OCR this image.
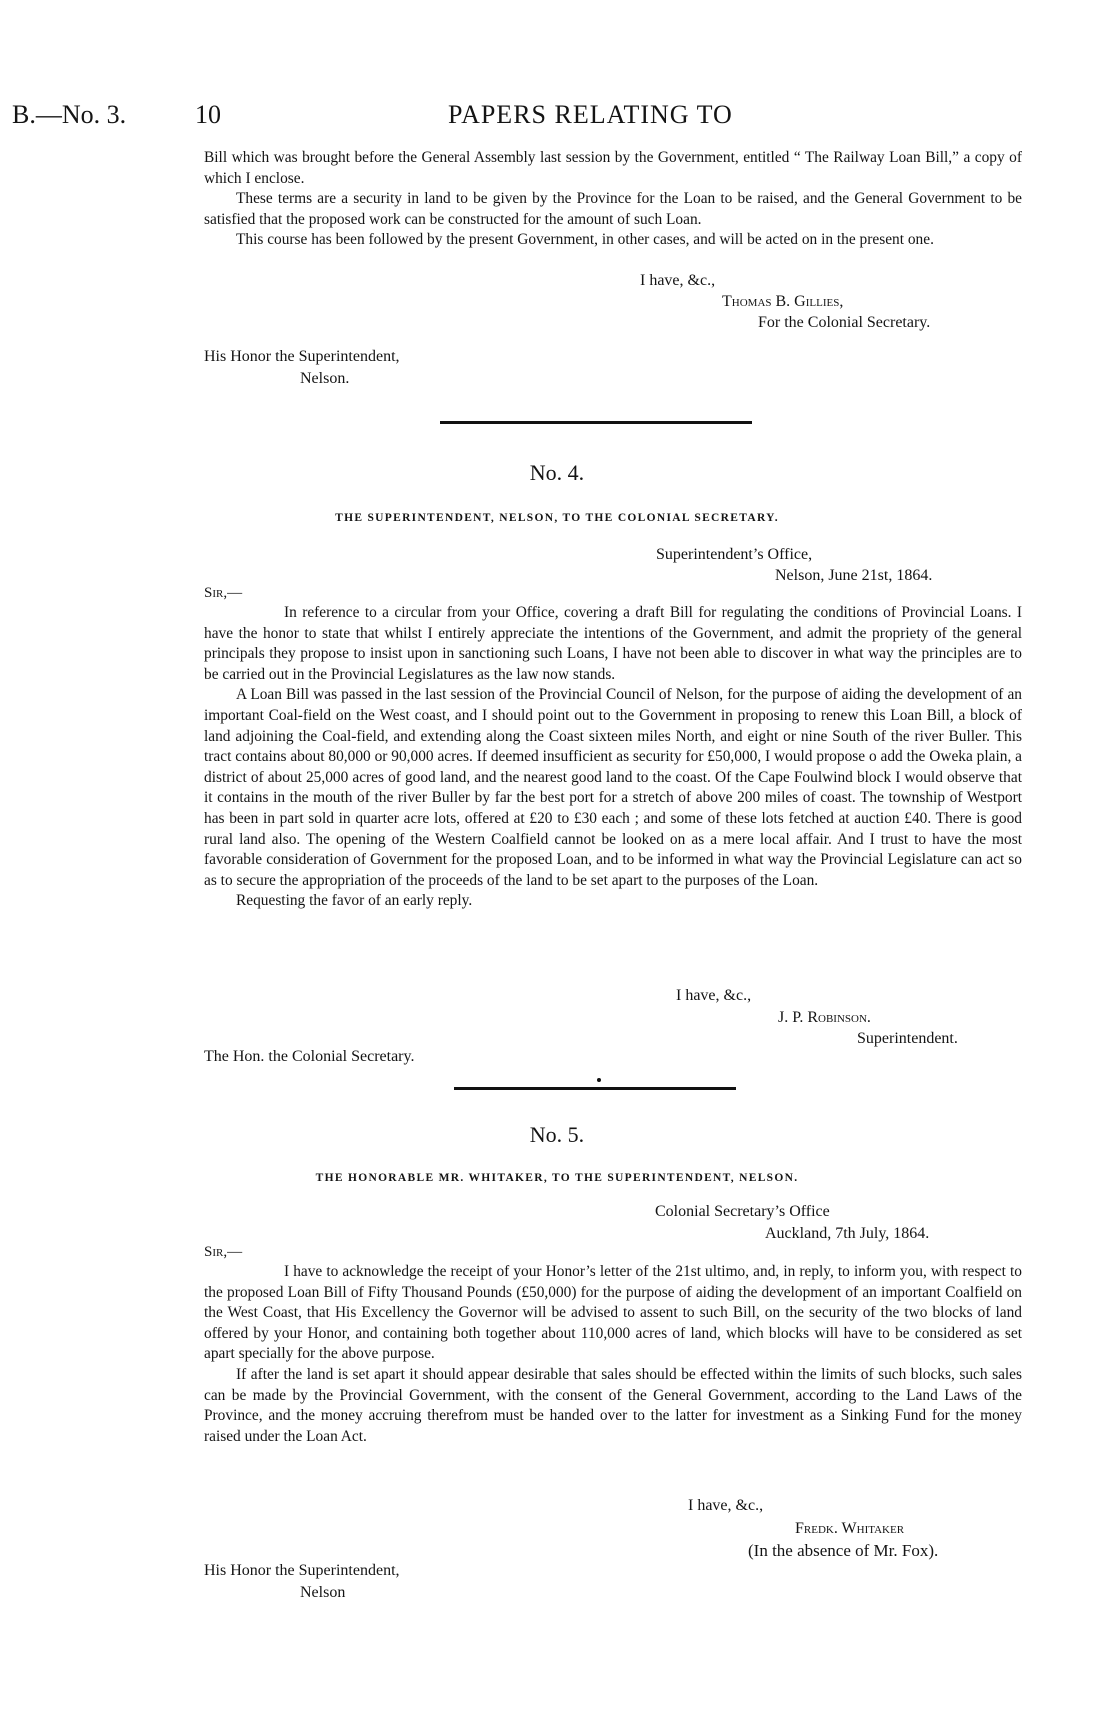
B.—No. 3.	10	PAPERS RELATING TO

Bill which was brought before the General Assembly last session by the Government, entitled “ The Railway Loan Bill,” a copy of which I enclose.

These terms are a security in land to be given by the Province for the Loan to be raised, and the General Government to be satisfied that the proposed work can be constructed for the amount of such Loan.

This course has been followed by the present Government, in other cases, and will be acted on in the present one.

I have, &c.,
Thomas B. Gillies,
For the Colonial Secretary.
His Honor the Superintendent,
Nelson.
No. 4.
THE SUPERINTENDENT, NELSON, TO THE COLONIAL SECRETARY.
Superintendent’s Office,
Nelson, June 21st, 1864.
Sir,—

In reference to a circular from your Office, covering a draft Bill for regulating the conditions of Provincial Loans. I have the honor to state that whilst I entirely appreciate the intentions of the Government, and admit the propriety of the general principals they propose to insist upon in sanctioning such Loans, I have not been able to discover in what way the principles are to be carried out in the Provincial Legislatures as the law now stands.

A Loan Bill was passed in the last session of the Provincial Council of Nelson, for the purpose of aiding the development of an important Coal-field on the West coast, and I should point out to the Government in proposing to renew this Loan Bill, a block of land adjoining the Coal-field, and extending along the Coast sixteen miles North, and eight or nine South of the river Buller. This tract contains about 80,000 or 90,000 acres. If deemed insufficient as security for £50,000, I would propose o add the Oweka plain, a district of about 25,000 acres of good land, and the nearest good land to the coast. Of the Cape Foulwind block I would observe that it contains in the mouth of the river Buller by far the best port for a stretch of above 200 miles of coast. The township of Westport has been in part sold in quarter acre lots, offered at £20 to £30 each ; and some of these lots fetched at auction £40. There is good rural land also. The opening of the Western Coalfield cannot be looked on as a mere local affair. And I trust to have the most favorable consideration of Government for the proposed Loan, and to be informed in what way the Provincial Legislature can act so as to secure the appropriation of the proceeds of the land to be set apart to the purposes of the Loan.

Requesting the favor of an early reply.

I have, &c.,
J. P. Robinson.
Superintendent.
The Hon. the Colonial Secretary.
No. 5.
THE HONORABLE MR. WHITAKER, TO THE SUPERINTENDENT, NELSON.
Colonial Secretary’s Office
Auckland, 7th July, 1864.
Sir,—

I have to acknowledge the receipt of your Honor’s letter of the 21st ultimo, and, in reply, to inform you, with respect to the proposed Loan Bill of Fifty Thousand Pounds (£50,000) for the purpose of aiding the development of an important Coalfield on the West Coast, that His Excellency the Governor will be advised to assent to such Bill, on the security of the two blocks of land offered by your Honor, and containing both together about 110,000 acres of land, which blocks will have to be considered as set apart specially for the above purpose.

If after the land is set apart it should appear desirable that sales should be effected within the limits of such blocks, such sales can be made by the Provincial Government, with the consent of the General Government, according to the Land Laws of the Province, and the money accruing therefrom must be handed over to the latter for investment as a Sinking Fund for the money raised under the Loan Act.

I have, &c.,
Fredk. Whitaker
(In the absence of Mr. Fox).
His Honor the Superintendent,
Nelson
